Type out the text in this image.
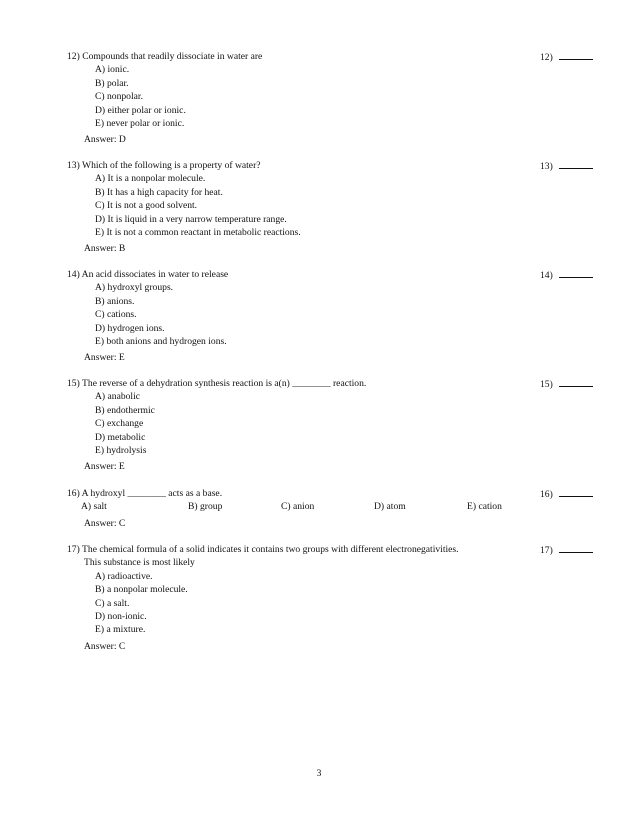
12) Compounds that readily dissociate in water are	12)
A) ionic.
B) polar.
C) nonpolar.
D) either polar or ionic.
E) never polar or ionic.
Answer: D
13) Which of the following is a property of water?	13)
A) It is a nonpolar molecule.
B) It has a high capacity for heat.
C) It is not a good solvent.
D) It is liquid in a very narrow temperature range.
E) It is not a common reactant in metabolic reactions.
Answer: B
14) An acid dissociates in water to release	14)
A) hydroxyl groups.
B) anions.
C) cations.
D) hydrogen ions.
E) both anions and hydrogen ions.
Answer: E
15) The reverse of a dehydration synthesis reaction is a(n) ________ reaction.	15)
A) anabolic
B) endothermic
C) exchange
D) metabolic
E) hydrolysis
Answer: E
16) A hydroxyl ________ acts as a base.	16)
A) salt	B) group	C) anion	D) atom	E) cation
Answer: C
17) The chemical formula of a solid indicates it contains two groups with different electronegativities.	17)
This substance is most likely
A) radioactive.
B) a nonpolar molecule.
C) a salt.
D) non-ionic.
E) a mixture.
Answer: C
3
